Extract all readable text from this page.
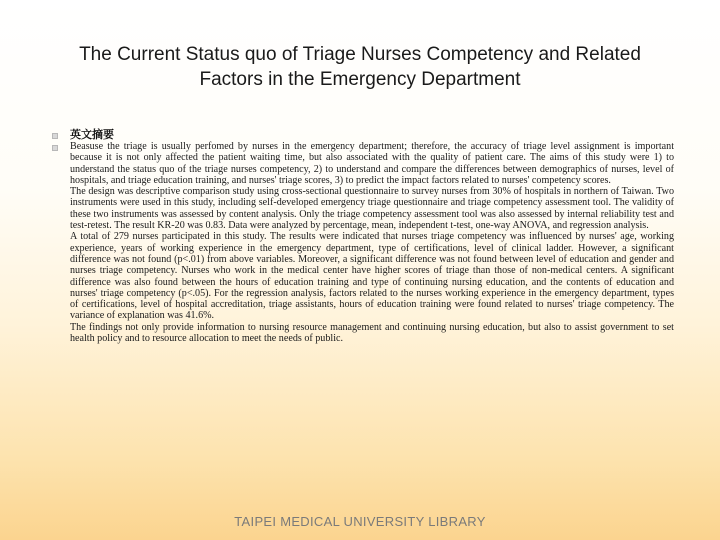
The Current Status quo of Triage Nurses Competency and Related
Factors in the Emergency Department
英文摘要

Beasuse the triage is usually perfomed by nurses in the emergency department; therefore, the accuracy of triage level assignment is important because it is not only affected the patient waiting time, but also associated with the quality of patient care. The aims of this study were 1) to understand the status quo of the triage nurses competency, 2) to understand and compare the differences between demographics of nurses, level of hospitals, and triage education training, and nurses' triage scores, 3) to predict the impact factors related to nurses' competency scores.

The design was descriptive comparison study using cross-sectional questionnaire to survey nurses from 30% of hospitals in northern of Taiwan. Two instruments were used in this study, including self-developed emergency triage questionnaire and triage competency assessment tool. The validity of these two instruments was assessed by content analysis. Only the triage competency assessment tool was also assessed by internal reliability test and test-retest. The result KR-20 was 0.83. Data were analyzed by percentage, mean, independent t-test, one-way ANOVA, and regression analysis.

A total of 279 nurses participated in this study. The results were indicated that nurses triage competency was influenced by nurses' age, working experience, years of working experience in the emergency department, type of certifications, level of clinical ladder. However, a significant difference was not found (p<.01) from above variables. Moreover, a significant difference was not found between level of education and gender and nurses triage competency. Nurses who work in the medical center have higher scores of triage than those of non-medical centers. A significant difference was also found between the hours of education training and type of continuing nursing education, and the contents of education and nurses' triage competency (p<.05). For the regression analysis, factors related to the nurses working experience in the emergency department, types of certifications, level of hospital accreditation, triage assistants, hours of education training were found related to nurses' triage competency. The variance of explanation was 41.6%.

The findings not only provide information to nursing resource management and continuing nursing education, but also to assist government to set health policy and to resource allocation to meet the needs of public.

TAIPEI MEDICAL UNIVERSITY LIBRARY
